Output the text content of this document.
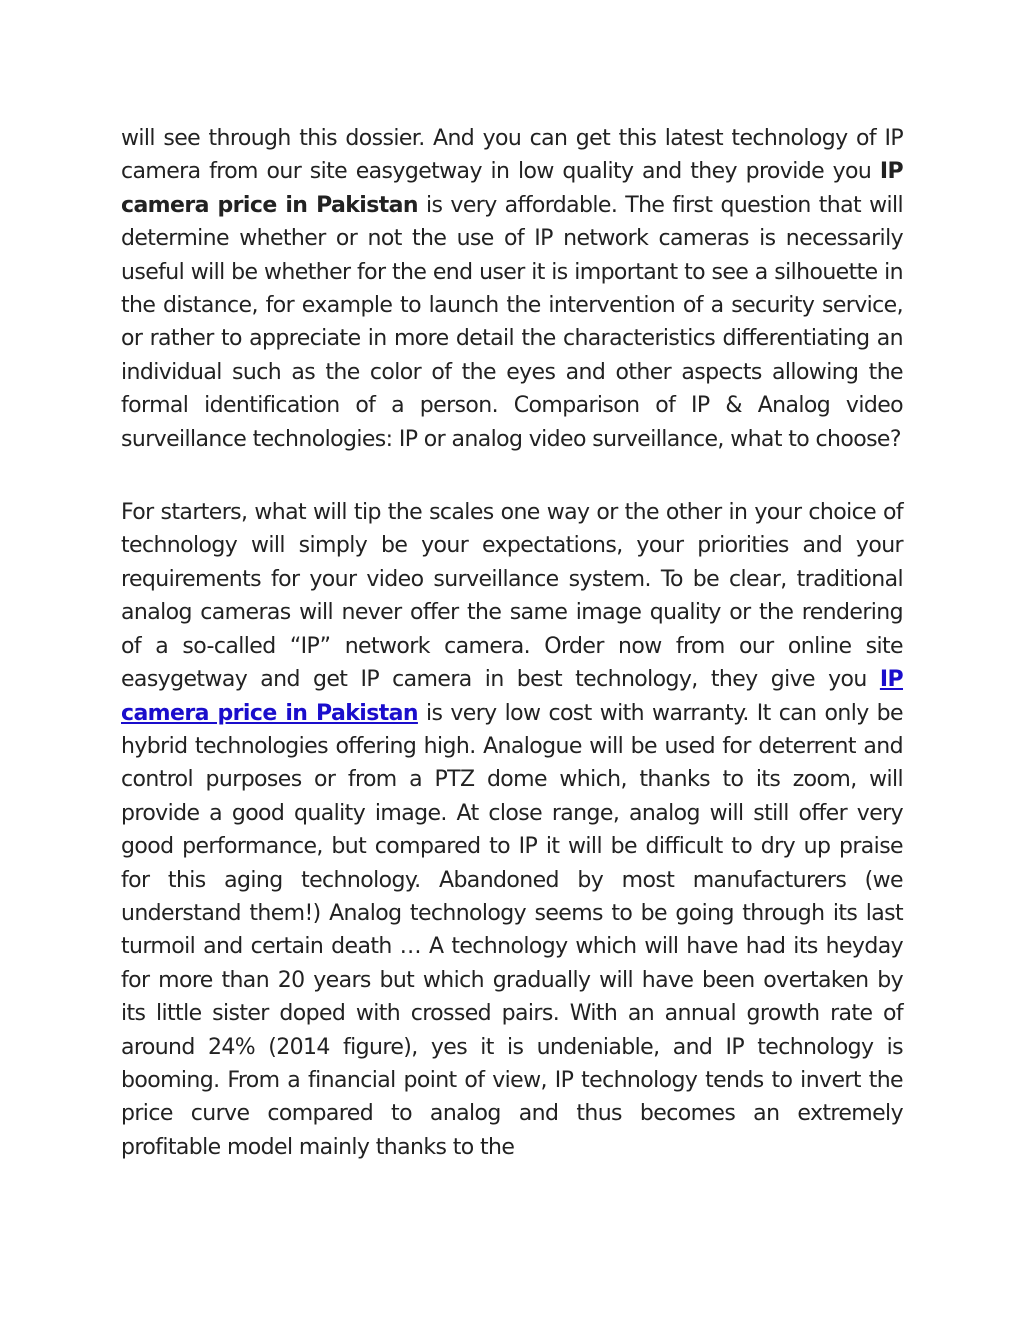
will see through this dossier. And you can get this latest technology of IP camera from our site easygetway in low quality and they provide you IP camera price in Pakistan is very affordable. The first question that will determine whether or not the use of IP network cameras is necessarily useful will be whether for the end user it is important to see a silhouette in the distance, for example to launch the intervention of a security service, or rather to appreciate in more detail the characteristics differentiating an individual such as the color of the eyes and other aspects allowing the formal identification of a person. Comparison of IP & Analog video surveillance technologies: IP or analog video surveillance, what to choose?

For starters, what will tip the scales one way or the other in your choice of technology will simply be your expectations, your priorities and your requirements for your video surveillance system. To be clear, traditional analog cameras will never offer the same image quality or the rendering of a so-called “IP” network camera. Order now from our online site easygetway and get IP camera in best technology, they give you IP camera price in Pakistan is very low cost with warranty. It can only be hybrid technologies offering high. Analogue will be used for deterrent and control purposes or from a PTZ dome which, thanks to its zoom, will provide a good quality image. At close range, analog will still offer very good performance, but compared to IP it will be difficult to dry up praise for this aging technology. Abandoned by most manufacturers (we understand them!) Analog technology seems to be going through its last turmoil and certain death … A technology which will have had its heyday for more than 20 years but which gradually will have been overtaken by its little sister doped with crossed pairs. With an annual growth rate of around 24% (2014 figure), yes it is undeniable, and IP technology is booming. From a financial point of view, IP technology tends to invert the price curve compared to analog and thus becomes an extremely profitable model mainly thanks to the
